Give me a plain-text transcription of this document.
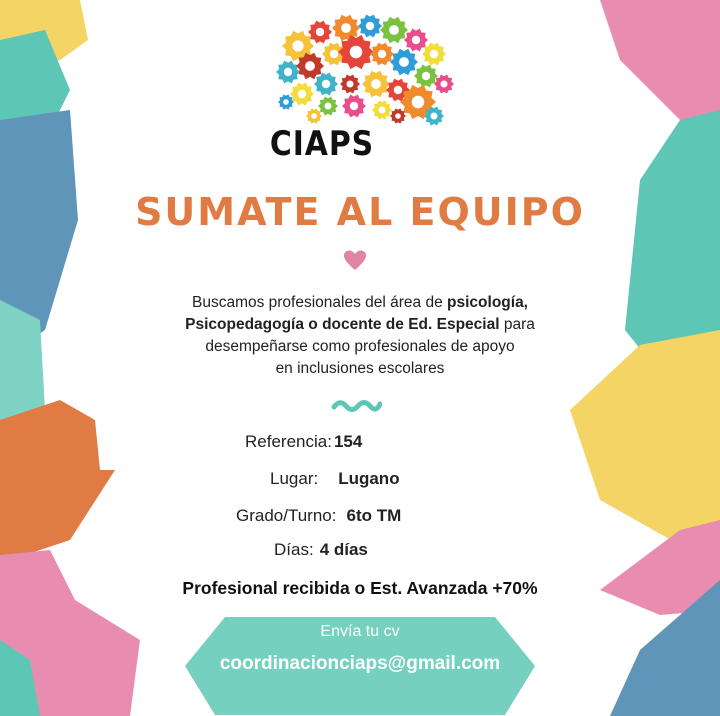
CIAPS
SUMATE AL EQUIPO
Buscamos profesionales del área de psicología,
Psicopedagogía o docente de Ed. Especial para
desempeñarse como profesionales de apoyo
en inclusiones escolares
Referencia: 154
Lugar: Lugano
Grado/Turno: 6to TM
Días: 4 días
Profesional recibida o Est. Avanzada +70%
Envía tu cv
coordinacionciaps@gmail.com
